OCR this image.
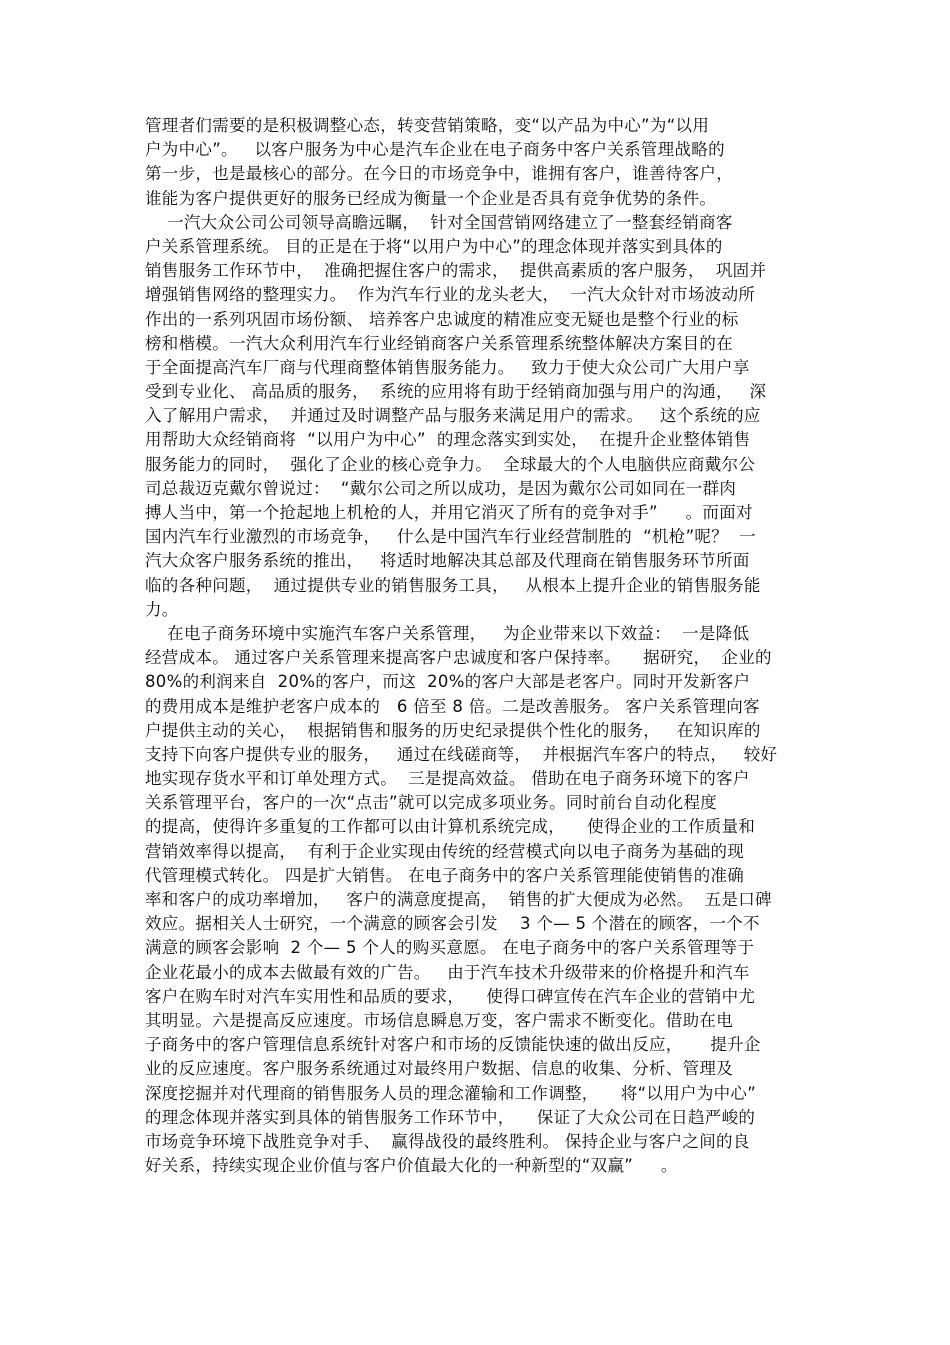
管理者们需要的是积极调整心态，转变营销策略，变“以产品为中心”为“以用
户为中心”。   以客户服务为中心是汽车企业在电子商务中客户关系管理战略的
第一步，也是最核心的部分。在今日的市场竞争中，谁拥有客户，谁善待客户，
谁能为客户提供更好的服务已经成为衡量一个企业是否具有竞争优势的条件。
一汽大众公司公司领导高瞻远瞩，  针对全国营销网络建立了一整套经销商客
户关系管理系统。 目的正是在于将“以用户为中心”的理念体现并落实到具体的
销售服务工作环节中，  准确把握住客户的需求，  提供高素质的客户服务，  巩固并
增强销售网络的整理实力。  作为汽车行业的龙头老大，  一汽大众针对市场波动所
作出的一系列巩固市场份额、 培养客户忠诚度的精准应变无疑也是整个行业的标
榜和楷模。一汽大众利用汽车行业经销商客户关系管理系统整体解决方案目的在
于全面提高汽车厂商与代理商整体销售服务能力。   致力于使大众公司广大用户享
受到专业化、 高品质的服务，  系统的应用将有助于经销商加强与用户的沟通，   深
入了解用户需求，  并通过及时调整产品与服务来满足用户的需求。   这个系统的应
用帮助大众经销商将  “以用户为中心”  的理念落实到实处，  在提升企业整体销售
服务能力的同时，  强化了企业的核心竞争力。  全球最大的个人电脑供应商戴尔公
司总裁迈克戴尔曾说过：  “戴尔公司之所以成功，是因为戴尔公司如同在一群肉
搏人当中，第一个抢起地上机枪的人，并用它消灭了所有的竞争对手”     。而面对
国内汽车行业激烈的市场竞争，   什么是中国汽车行业经营制胜的  “机枪”呢？  一
汽大众客户服务系统的推出，   将适时地解决其总部及代理商在销售服务环节所面
临的各种问题，  通过提供专业的销售服务工具，   从根本上提升企业的销售服务能
力。
在电子商务环境中实施汽车客户关系管理，   为企业带来以下效益：  一是降低
经营成本。 通过客户关系管理来提高客户忠诚度和客户保持率。    据研究，  企业的
80%的利润来自  20%的客户，而这  20%的客户大部是老客户。同时开发新客户
的费用成本是维护老客户成本的   6 倍至 8 倍。二是改善服务。 客户关系管理向客
户提供主动的关心，  根据销售和服务的历史纪录提供个性化的服务，   在知识库的
支持下向客户提供专业的服务，   通过在线磋商等，  并根据汽车客户的特点，   较好
地实现存货水平和订单处理方式。  三是提高效益。 借助在电子商务环境下的客户
关系管理平台，客户的一次“点击”就可以完成多项业务。同时前台自动化程度
的提高，使得许多重复的工作都可以由计算机系统完成，    使得企业的工作质量和
营销效率得以提高，  有利于企业实现由传统的经营模式向以电子商务为基础的现
代管理模式转化。 四是扩大销售。 在电子商务中的客户关系管理能使销售的准确
率和客户的成功率增加，   客户的满意度提高，  销售的扩大便成为必然。  五是口碑
效应。据相关人士研究，一个满意的顾客会引发    3 个— 5 个潜在的顾客，一个不
满意的顾客会影响  2 个— 5 个人的购买意愿。 在电子商务中的客户关系管理等于
企业花最小的成本去做最有效的广告。   由于汽车技术升级带来的价格提升和汽车
客户在购车时对汽车实用性和品质的要求，    使得口碑宣传在汽车企业的营销中尤
其明显。六是提高反应速度。市场信息瞬息万变，客户需求不断变化。借助在电
子商务中的客户管理信息系统针对客户和市场的反馈能快速的做出反应，     提升企
业的反应速度。客户服务系统通过对最终用户数据、信息的收集、分析、管理及
深度挖掘并对代理商的销售服务人员的理念灌输和工作调整，    将“以用户为中心”
的理念体现并落实到具体的销售服务工作环节中，    保证了大众公司在日趋严峻的
市场竞争环境下战胜竞争对手、  赢得战役的最终胜利。 保持企业与客户之间的良
好关系，持续实现企业价值与客户价值最大化的一种新型的“双赢”     。
